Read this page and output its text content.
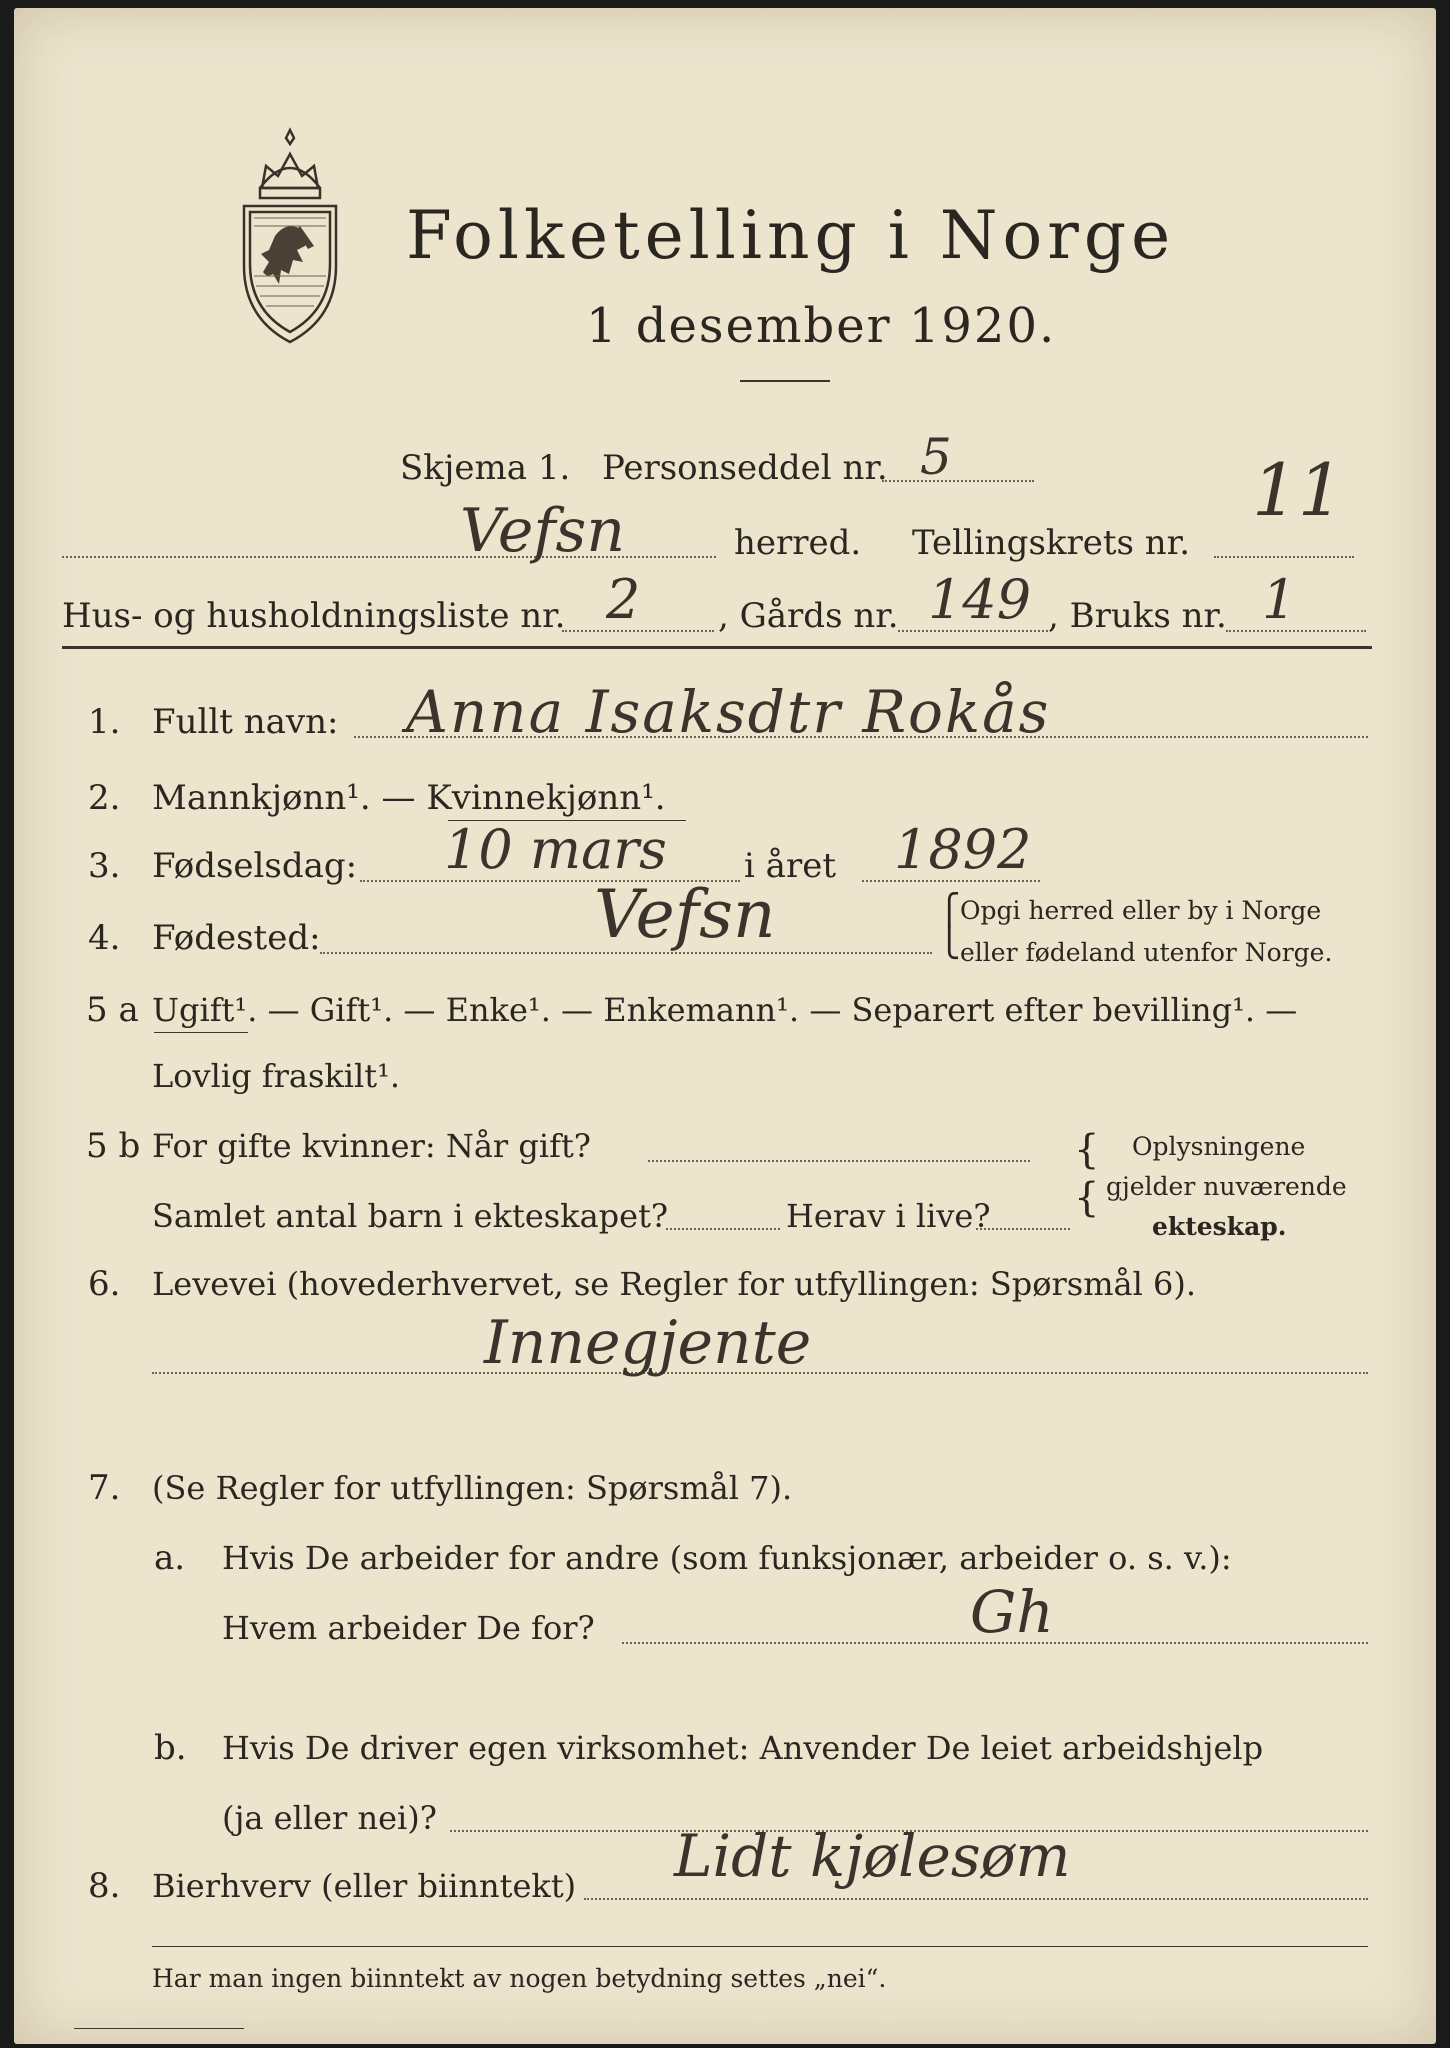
Folketelling i Norge
1 desember 1920.
Skjema 1. Personseddel nr. 5
Vefsn	herred. Tellingskrets nr.
11
Hus- og husholdningsliste nr. 2 , Gårds nr. 149 , Bruks nr. 1
1. Fullt navn: Anna Isaksdtr Rokås
2. Mannkjønn¹. — Kvinnekjønn¹.
3. Fødselsdag: 10 mars i året 1892
4. Fødested:	Vefsn	⎧
⎩
Opgi herred eller by i Norge
eller fødeland utenfor Norge.
5 a Ugift¹. — Gift¹. — Enke¹. — Enkemann¹. — Separert efter bevilling¹. —
Lovlig fraskilt¹.
5 b For gifte kvinner: Når gift?
Samlet antal barn i ekteskapet?	Herav i live?
{
{
Oplysningene
gjelder nuværende
ekteskap.
6. Levevei (hovederhvervet, se Regler for utfyllingen: Spørsmål 6).
Innegjente
7. (Se Regler for utfyllingen: Spørsmål 7).
a. Hvis De arbeider for andre (som funksjonær, arbeider o. s. v.):
Hvem arbeider De for?	Gh
b. Hvis De driver egen virksomhet: Anvender De leiet arbeidshjelp
(ja eller nei)?
8. Bierhverv (eller biinntekt) Lidt kjølesøm
Har man ingen biinntekt av nogen betydning settes „nei“.
